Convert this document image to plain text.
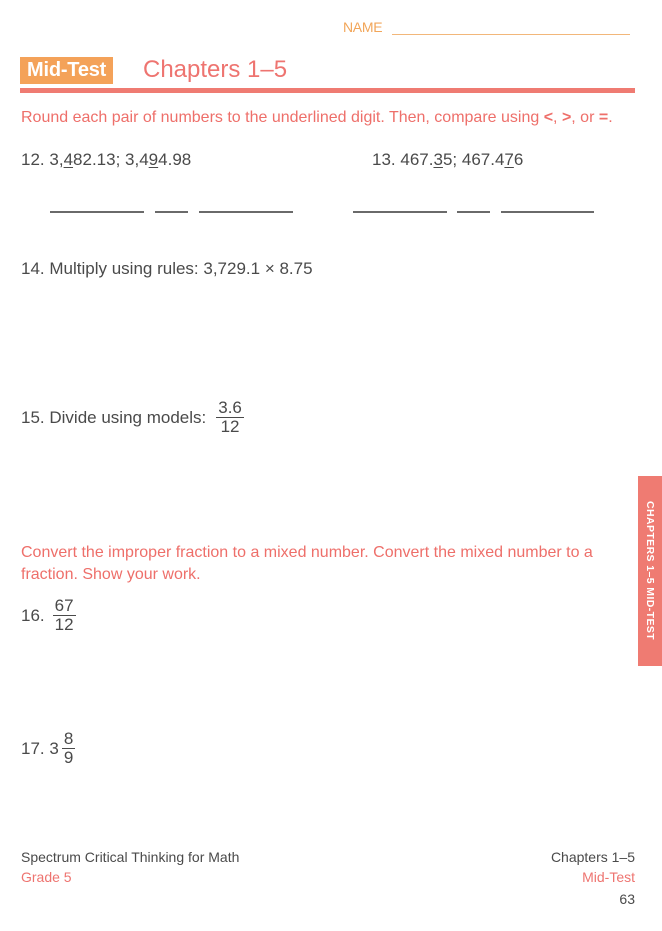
NAME
Mid-Test Chapters 1–5
Round each pair of numbers to the underlined digit. Then, compare using <, >, or =.
12. 3,482.13; 3,494.98	13. 467.35; 467.476
14. Multiply using rules: 3,729.1 × 8.75
15.
Divide using models: $\frac{3.6}{12}$
Convert the improper fraction to a mixed number. Convert the mixed number to a
fraction. Show your work.
16. $\frac{67}{12}$
17.
$3 \frac{8}{9}$
CHAPTERS 1–5 MID-TEST
Spectrum Critical Thinking for Math
Grade 5
Chapters 1–5
Mid-Test
63
